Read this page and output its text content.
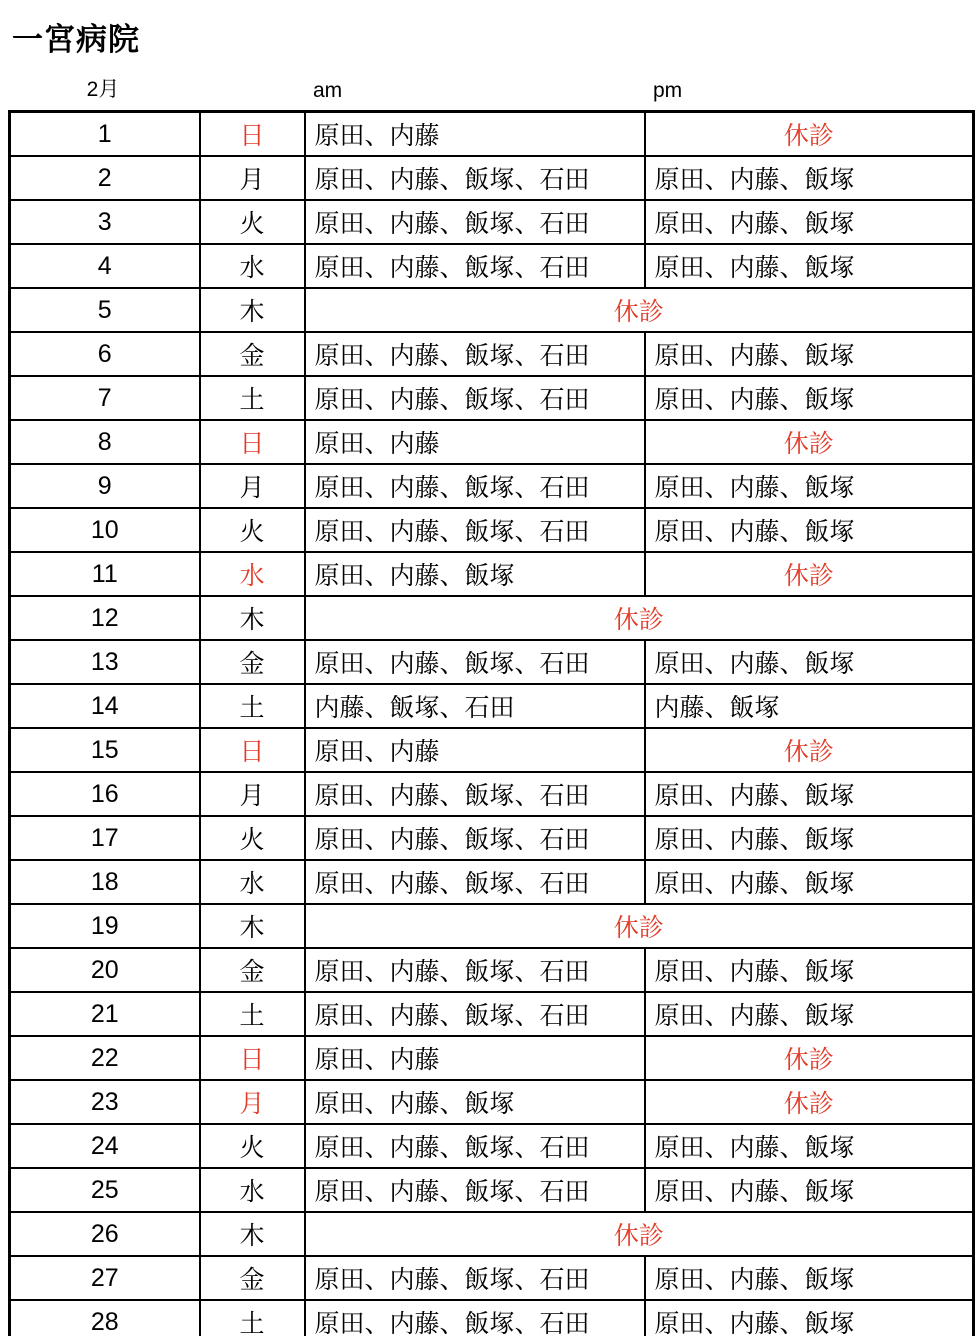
一宮病院
2月	am	pm
1	日	原田、内藤	休診
2	月	原田、内藤、飯塚、石田	原田、内藤、飯塚
3	火	原田、内藤、飯塚、石田	原田、内藤、飯塚
4	水	原田、内藤、飯塚、石田	原田、内藤、飯塚
5	木	休診	
6	金	原田、内藤、飯塚、石田	原田、内藤、飯塚
7	土	原田、内藤、飯塚、石田	原田、内藤、飯塚
8	日	原田、内藤	休診
9	月	原田、内藤、飯塚、石田	原田、内藤、飯塚
10	火	原田、内藤、飯塚、石田	原田、内藤、飯塚
11	水	原田、内藤、飯塚	休診
12	木	休診	
13	金	原田、内藤、飯塚、石田	原田、内藤、飯塚
14	土	内藤、飯塚、石田	内藤、飯塚
15	日	原田、内藤	休診
16	月	原田、内藤、飯塚、石田	原田、内藤、飯塚
17	火	原田、内藤、飯塚、石田	原田、内藤、飯塚
18	水	原田、内藤、飯塚、石田	原田、内藤、飯塚
19	木	休診	
20	金	原田、内藤、飯塚、石田	原田、内藤、飯塚
21	土	原田、内藤、飯塚、石田	原田、内藤、飯塚
22	日	原田、内藤	休診
23	月	原田、内藤、飯塚	休診
24	火	原田、内藤、飯塚、石田	原田、内藤、飯塚
25	水	原田、内藤、飯塚、石田	原田、内藤、飯塚
26	木	休診	
27	金	原田、内藤、飯塚、石田	原田、内藤、飯塚
28	土	原田、内藤、飯塚、石田	原田、内藤、飯塚
